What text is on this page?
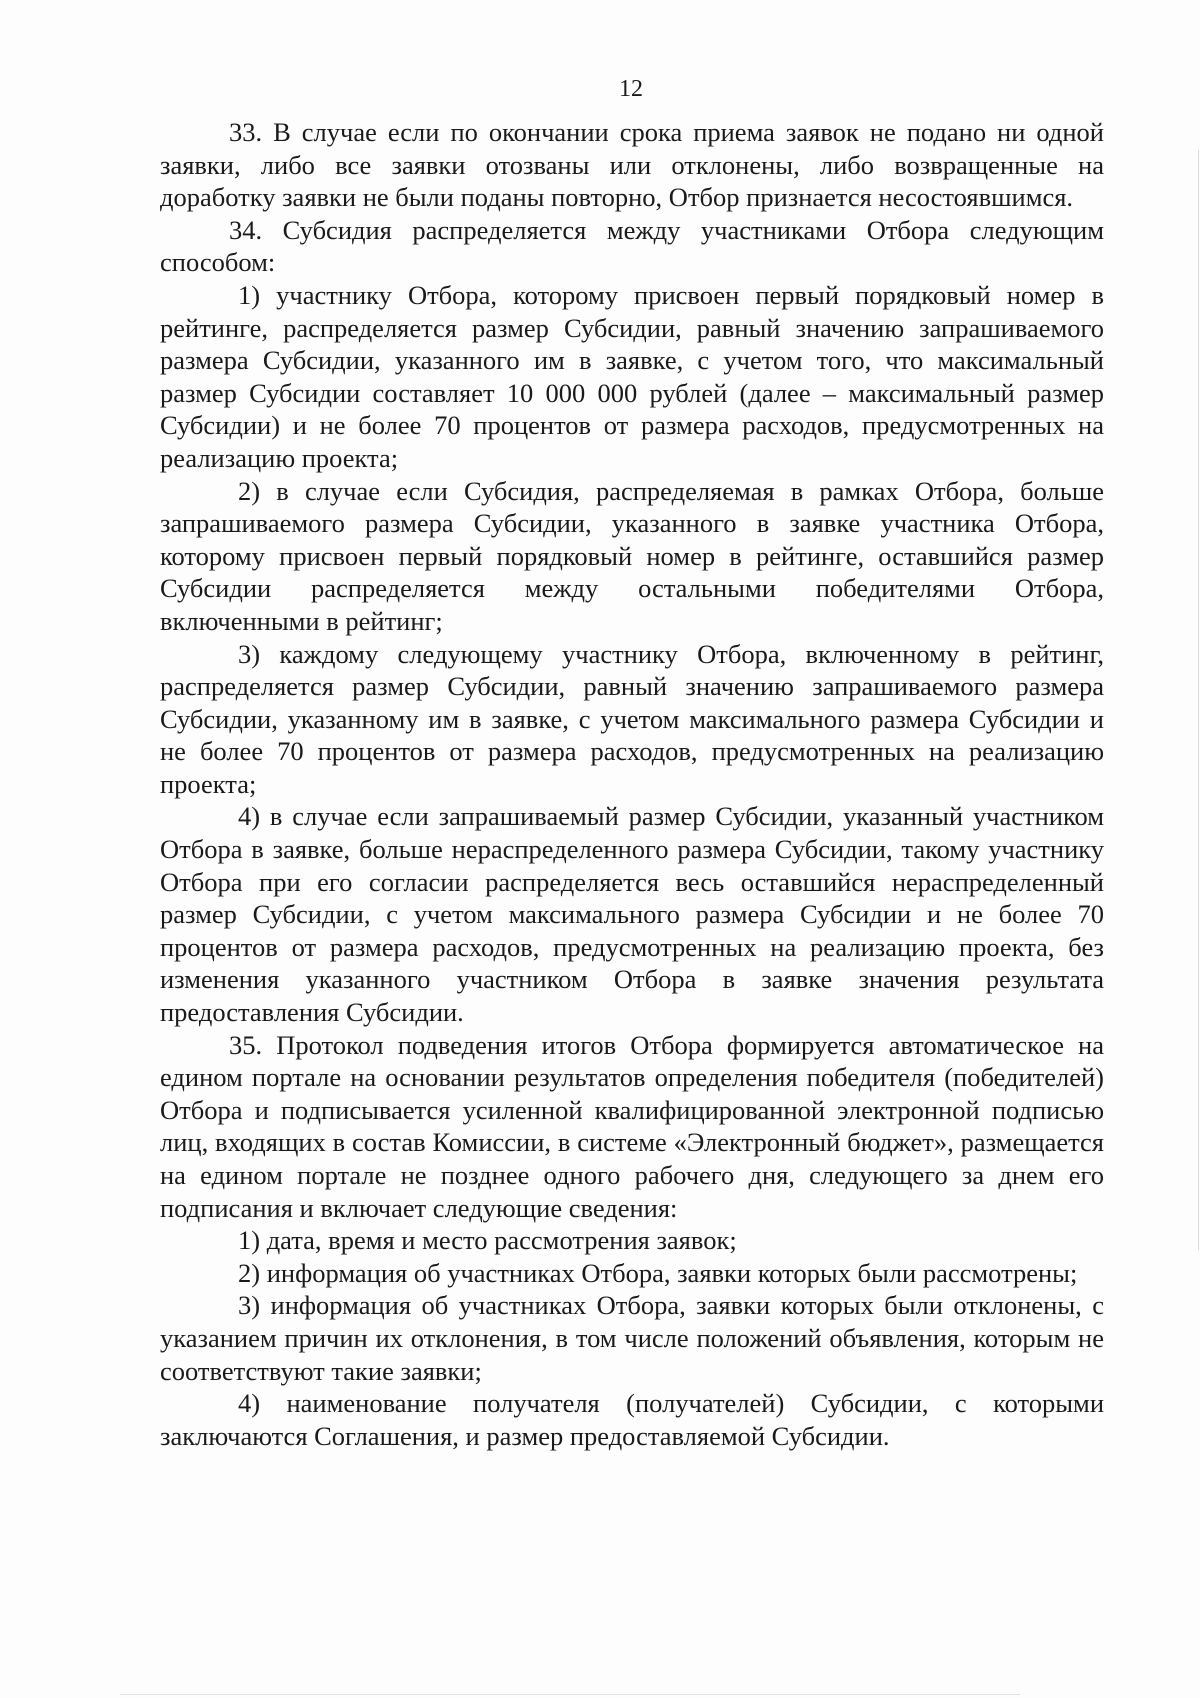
12

33. В случае если по окончании срока приема заявок не подано ни одной заявки, либо все заявки отозваны или отклонены, либо возвращенные на доработку заявки не были поданы повторно, Отбор признается несостоявшимся.

34. Субсидия распределяется между участниками Отбора следующим способом:

1) участнику Отбора, которому присвоен первый порядковый номер в рейтинге, распределяется размер Субсидии, равный значению запрашиваемого размера Субсидии, указанного им в заявке, с учетом того, что максимальный размер Субсидии составляет 10 000 000 рублей (далее – максимальный размер Субсидии) и не более 70 процентов от размера расходов, предусмотренных на реализацию проекта;

2) в случае если Субсидия, распределяемая в рамках Отбора, больше запрашиваемого размера Субсидии, указанного в заявке участника Отбора, которому присвоен первый порядковый номер в рейтинге, оставшийся размер Субсидии распределяется между остальными победителями Отбора, включенными в рейтинг;

3) каждому следующему участнику Отбора, включенному в рейтинг, распределяется размер Субсидии, равный значению запрашиваемого размера Субсидии, указанному им в заявке, с учетом максимального размера Субсидии и не более 70 процентов от размера расходов, предусмотренных на реализацию проекта;

4) в случае если запрашиваемый размер Субсидии, указанный участником Отбора в заявке, больше нераспределенного размера Субсидии, такому участнику Отбора при его согласии распределяется весь оставшийся нераспределенный размер Субсидии, с учетом максимального размера Субсидии и не более 70 процентов от размера расходов, предусмотренных на реализацию проекта, без изменения указанного участником Отбора в заявке значения результата предоставления Субсидии.

35. Протокол подведения итогов Отбора формируется автоматическое на едином портале на основании результатов определения победителя (победителей) Отбора и подписывается усиленной квалифицированной электронной подписью лиц, входящих в состав Комиссии, в системе «Электронный бюджет», размещается на едином портале не позднее одного рабочего дня, следующего за днем его подписания и включает следующие сведения:

1) дата, время и место рассмотрения заявок;

2) информация об участниках Отбора, заявки которых были рассмотрены;

3) информация об участниках Отбора, заявки которых были отклонены, с указанием причин их отклонения, в том числе положений объявления, которым не соответствуют такие заявки;

4) наименование получателя (получателей) Субсидии, с которыми заключаются Соглашения, и размер предоставляемой Субсидии.
